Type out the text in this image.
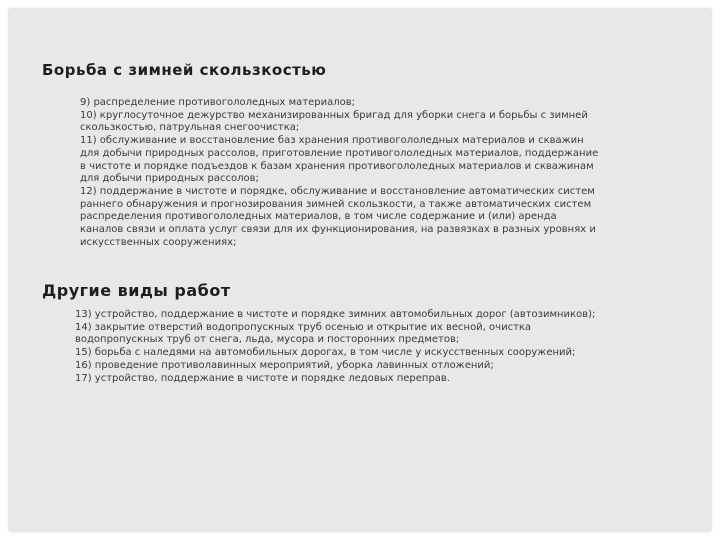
Борьба с зимней скользкостью
9) распределение противогололедных материалов;
10) круглосуточное дежурство механизированных бригад для уборки снега и борьбы с зимней
скользкостью, патрульная снегоочистка;
11) обслуживание и восстановление баз хранения противогололедных материалов и скважин
для добычи природных рассолов, приготовление противогололедных материалов, поддержание
в чистоте и порядке подъездов к базам хранения противогололедных материалов и скважинам
для добычи природных рассолов;
12) поддержание в чистоте и порядке, обслуживание и восстановление автоматических систем
раннего обнаружения и прогнозирования зимней скользкости, а также автоматических систем
распределения противогололедных материалов, в том числе содержание и (или) аренда
каналов связи и оплата услуг связи для их функционирования, на развязках в разных уровнях и
искусственных сооружениях;
Другие виды работ
13) устройство, поддержание в чистоте и порядке зимних автомобильных дорог (автозимников);
14) закрытие отверстий водопропускных труб осенью и открытие их весной, очистка
водопропускных труб от снега, льда, мусора и посторонних предметов;
15) борьба с наледями на автомобильных дорогах, в том числе у искусственных сооружений;
16) проведение противолавинных мероприятий, уборка лавинных отложений;
17) устройство, поддержание в чистоте и порядке ледовых переправ.
